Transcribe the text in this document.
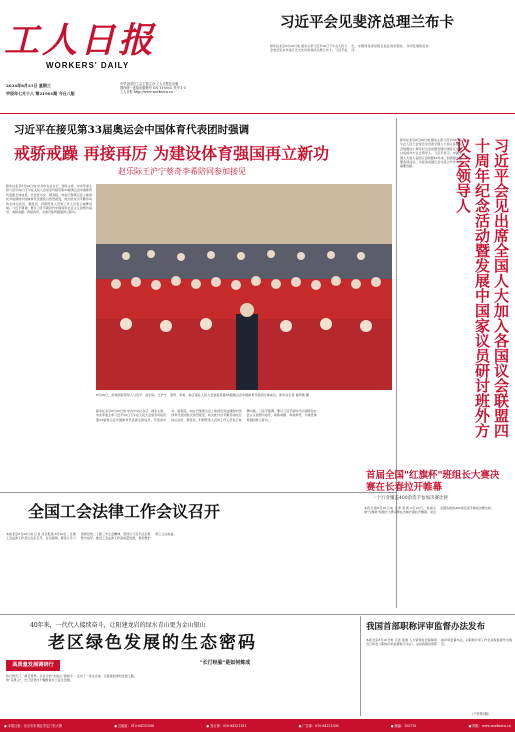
工人日报
WORKERS' DAILY
2024年8月21日 星期三
甲辰年七月十八 第21901期 今日八版
中华全国总工会主管主办 工人日报社出版
国内统一连续出版物号 CN 11-0002 代号 1-5
工人日报 http://www.workercn.cn
习近平会见斐济总理兰布卡
新华社北京8月20日电 国家主席习近平20日下午在人民大会堂会见来华进行正式访问的斐济总理兰布卡。习近平指出，中国同斐济是相互信任的好朋友、共同发展的好伙伴。
习近平在接见第33届奥运会中国体育代表团时强调
戒骄戒躁 再接再厉 为建设体育强国再立新功
赵乐际王沪宁蔡奇李希陪同参加接见
新华社北京8月20日电 中共中央总书记、国家主席、中央军委主席习近平20日下午在人民大会堂亲切接见第33届奥运会中国体育代表团全体成员，代表党中央、国务院，向在巴黎奥运会上取得优异成绩的中国体育代表团致以热烈祝贺，向为此付出辛勤劳动的全体运动员、教练员、科研医务人员和工作人员表示诚挚问候。习近平强调，要以习近平新时代中国特色社会主义思想为指导，戒骄戒躁、再接再厉，为建设体育强国再立新功。
8月20日，党和国家领导人习近平、赵乐际、王沪宁、蔡奇、李希、韩正等在人民大会堂接见第33届奥运会中国体育代表团全体成员。新华社记者 谢环驰 摄
新华社北京8月20日电 中共中央总书记、国家主席、中央军委主席习近平20日下午在人民大会堂亲切接见第33届奥运会中国体育代表团全体成员，代表党中央、国务院，向在巴黎奥运会上取得优异成绩的中国体育代表团致以热烈祝贺，向为此付出辛勤劳动的全体运动员、教练员、科研医务人员和工作人员表示诚挚问候。习近平强调，要以习近平新时代中国特色社会主义思想为指导，戒骄戒躁、再接再厉，为建设体育强国再立新功。	习近平会见出席全国人大加入各国议会联盟四十周年纪念活动暨发展中国家议员研讨班外方议会领导人
新华社北京8月20日电 国家主席习近平20日下午在人民大会堂会见出席全国人大加入各国议会联盟四十周年纪念活动暨发展中国家议员研讨班的外方议会领导人。习近平表示，中国全国人大加入各国议会联盟40年来，积极参与联盟各项活动，为促进各国议会交流合作作出了重要贡献。
全国工会法律工作会议召开
本报北京8月20日电 记者 北京报道 8月20日，全国工会法律工作会议在京召开。会议强调，要深入学习贯彻党的二十届三中全会精神，坚持以习近平法治思想为指导，推进工会法律工作高质量发展，更好维护职工合法权益。
首届全国"红旗杯"班组长大赛决赛在长春拉开帷幕
一个行业覆盖400余选手参加决赛比拼
本报长春8月20日电 记者 报道 8月20日，首届全国"红旗杯"班组长大赛决赛在吉林长春拉开帷幕，来自全国各地的400余名选手参加决赛比拼。
40年来，一代代人接续奋斗，让阳建龙岩的绿水青山更为金山银山
老区绿色发展的生态密码
高质量发展调研行	"长汀经验"是如何炼成
秋日的长汀，满目苍翠。从昔日的"火焰山"到如今的"花果山"，长汀县坚持不懈推进水土流失治理，走出了一条生态美、百姓富的绿色发展之路。
我国首部职称评审监督办法发布
本报北京8月20日电 记者 报道 人力资源社会保障部近日印发《职称评审监督暂行办法》，这是我国首部职称评审监督办法，对职称评审工作全流程监督作出规范。
● 本报社址：北京市东城区安定门东大街	● 总编室：010-84151098	● 发行部：010-84151181	● 广告部：010-84151306	● 邮编：100718	● 网址：www.workercn.cn
（下转第3版）
